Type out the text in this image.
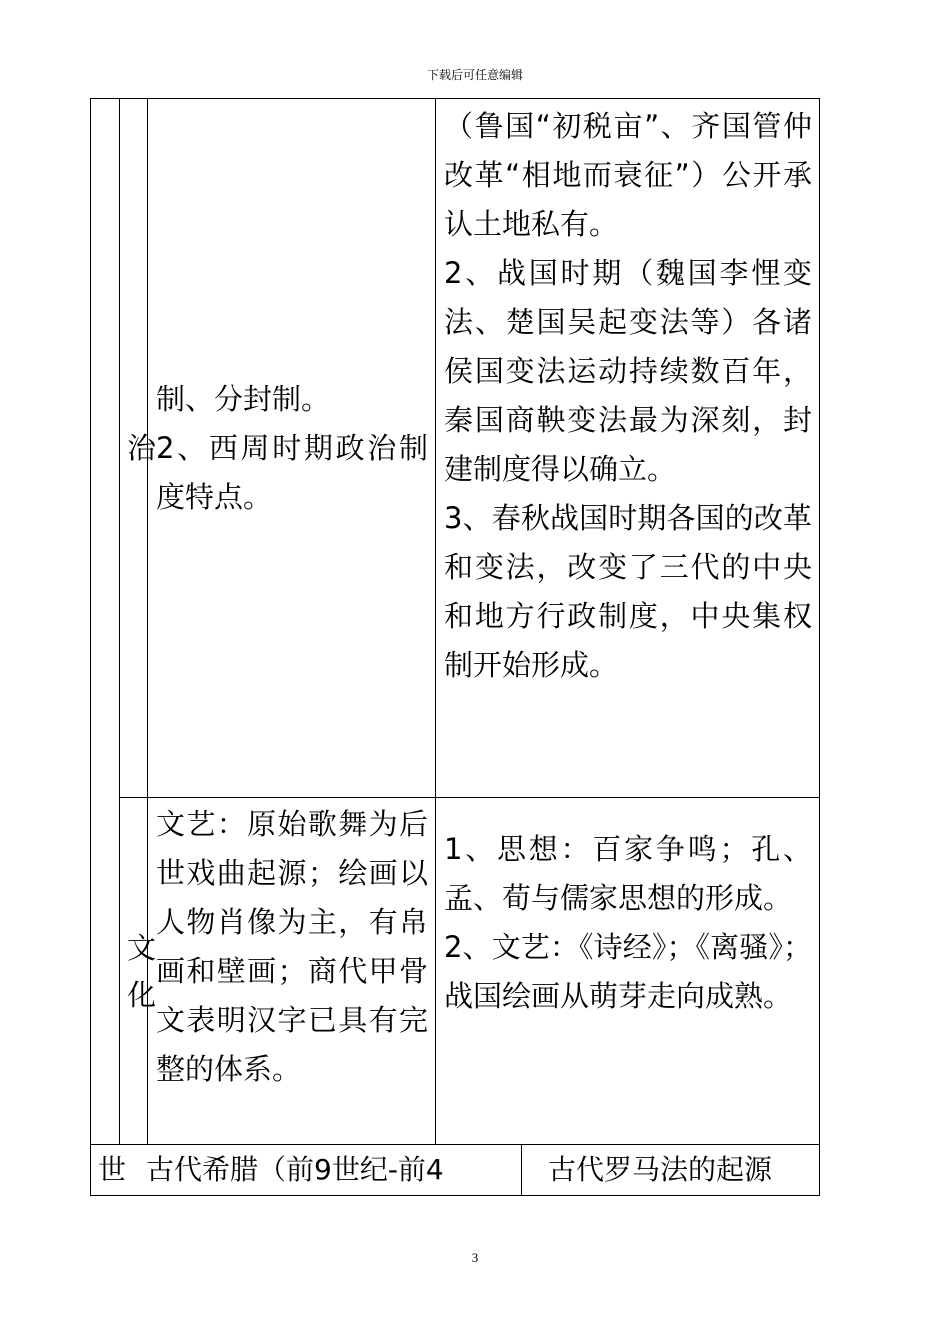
下载后可任意编辑
治

制、分封制。

2、西周时期政治制度特点。

（鲁国“初税亩”、齐国管仲改革“相地而衰征”）公开承认土地私有。

2、战国时期（魏国李悝变法、楚国吴起变法等）各诸侯国变法运动持续数百年，秦国商鞅变法最为深刻，封建制度得以确立。

3、春秋战国时期各国的改革和变法，改变了三代的中央和地方行政制度，中央集权制开始形成。

文
化

文艺：原始歌舞为后世戏曲起源；绘画以人物肖像为主，有帛画和壁画；商代甲骨文表明汉字已具有完整的体系。

1、思想：百家争鸣；孔、孟、荀与儒家思想的形成。

2、文艺：《诗经》；《离骚》；战国绘画从萌芽走向成熟。

世 古代希腊（前9世纪-前4	古代罗马法的起源
3
